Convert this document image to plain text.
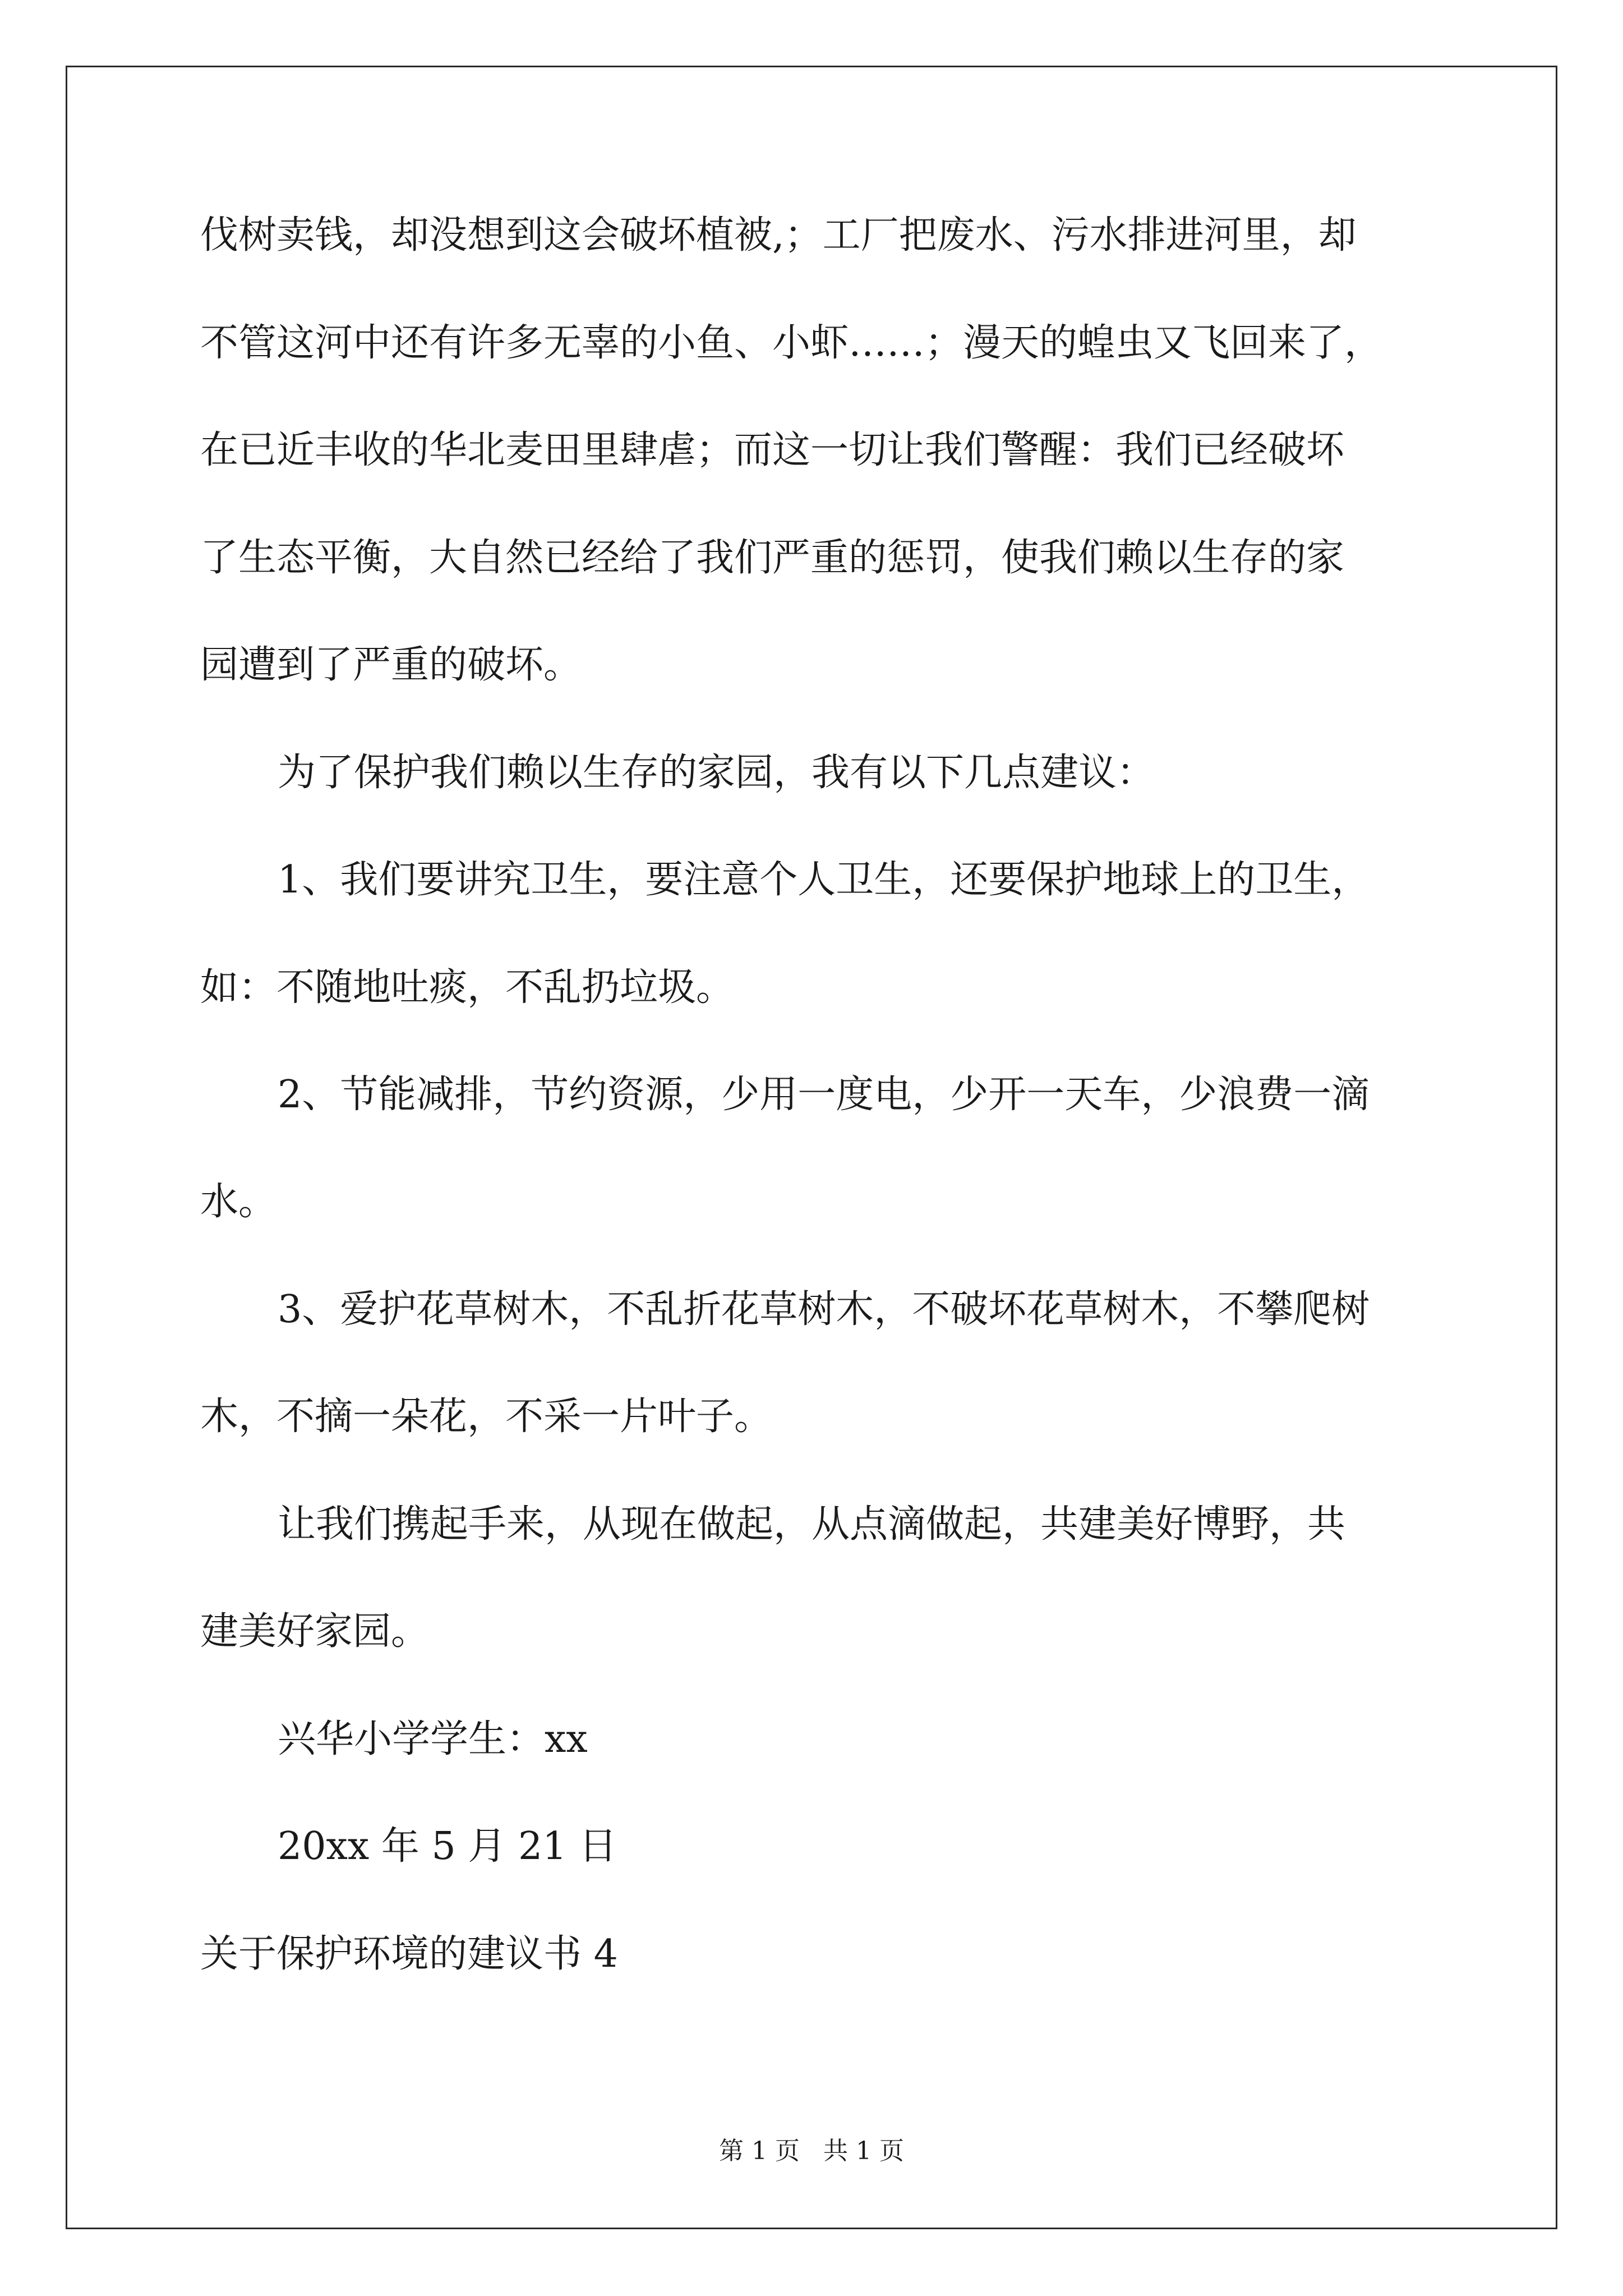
伐树卖钱，却没想到这会破坏植被,；工厂把废水、污水排进河里，却
不管这河中还有许多无辜的小鱼、小虾……；漫天的蝗虫又飞回来了，
在已近丰收的华北麦田里肆虐；而这一切让我们警醒：我们已经破坏
了生态平衡，大自然已经给了我们严重的惩罚，使我们赖以生存的家
园遭到了严重的破坏。
为了保护我们赖以生存的家园，我有以下几点建议：
1、我们要讲究卫生，要注意个人卫生，还要保护地球上的卫生，
如：不随地吐痰，不乱扔垃圾。
2、节能减排，节约资源，少用一度电，少开一天车，少浪费一滴
水。
3、爱护花草树木，不乱折花草树木，不破坏花草树木，不攀爬树
木，不摘一朵花，不采一片叶子。
让我们携起手来，从现在做起，从点滴做起，共建美好博野，共
建美好家园。
兴华小学学生：xx
20xx 年 5 月 21 日
关于保护环境的建议书 4
第 1 页   共 1 页
